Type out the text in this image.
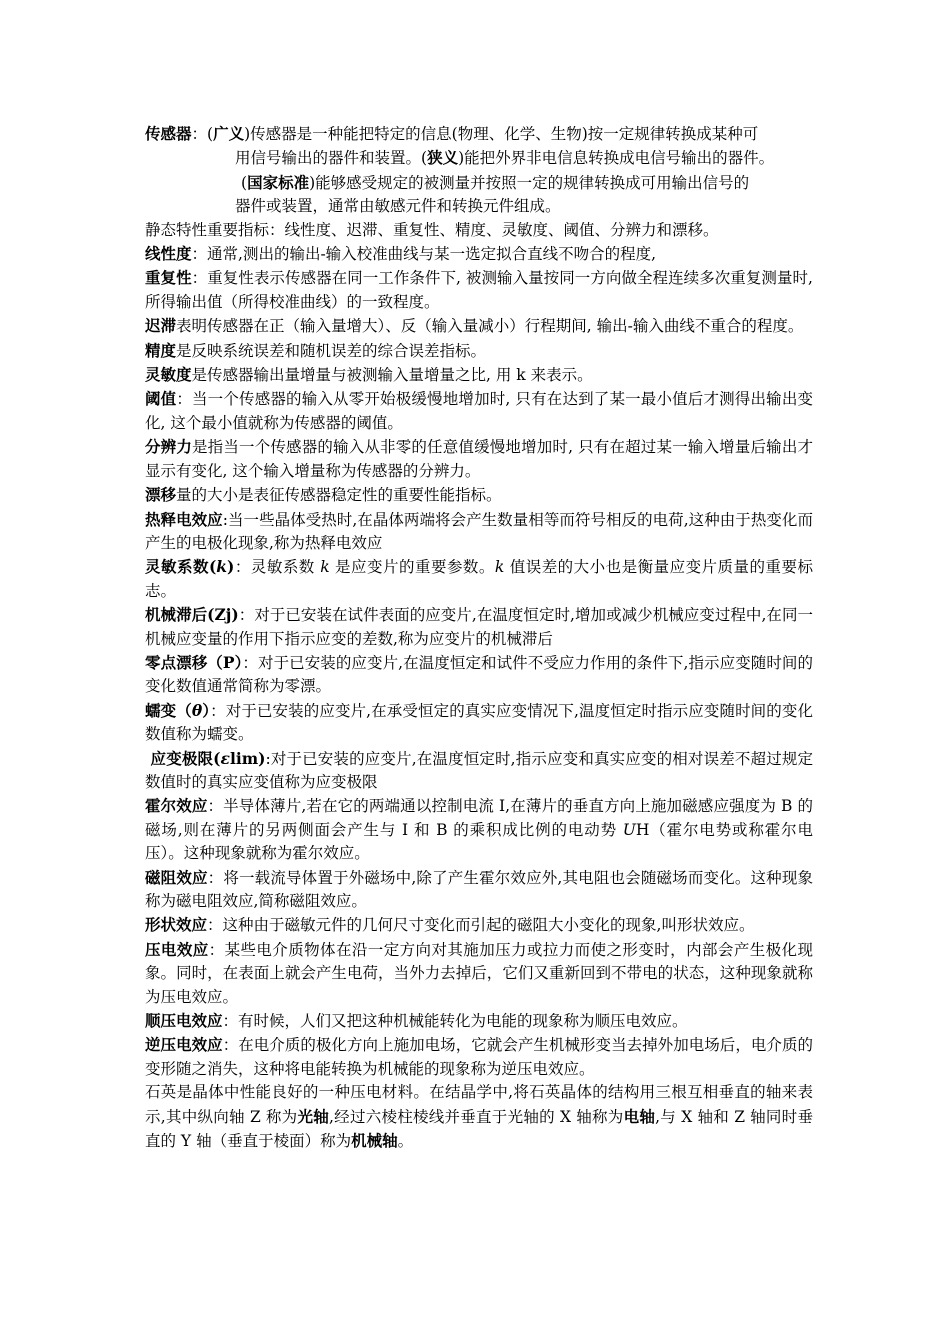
传感器：(广义)传感器是一种能把特定的信息(物理、化学、生物)按一定规律转换成某种可

用信号输出的器件和装置。(狭义)能把外界非电信息转换成电信号输出的器件。

(国家标准)能够感受规定的被测量并按照一定的规律转换成可用输出信号的

器件或装置，通常由敏感元件和转换元件组成。

静态特性重要指标：线性度、迟滞、重复性、精度、灵敏度、阈值、分辨力和漂移。

线性度：通常,测出的输出-输入校准曲线与某一选定拟合直线不吻合的程度,

重复性：重复性表示传感器在同一工作条件下, 被测输入量按同一方向做全程连续多次重复测量时, 所得输出值（所得校准曲线）的一致程度。

迟滞表明传感器在正（输入量增大）、反（输入量减小）行程期间, 输出-输入曲线不重合的程度。

精度是反映系统误差和随机误差的综合误差指标。

灵敏度是传感器输出量增量与被测输入量增量之比, 用 k 来表示。

阈值：当一个传感器的输入从零开始极缓慢地增加时, 只有在达到了某一最小值后才测得出输出变化, 这个最小值就称为传感器的阈值。

分辨力是指当一个传感器的输入从非零的任意值缓慢地增加时, 只有在超过某一输入增量后输出才显示有变化, 这个输入增量称为传感器的分辨力。

漂移量的大小是表征传感器稳定性的重要性能指标。

热释电效应:当一些晶体受热时,在晶体两端将会产生数量相等而符号相反的电荷,这种由于热变化而产生的电极化现象,称为热释电效应

灵敏系数(k)：灵敏系数 k 是应变片的重要参数。k 值误差的大小也是衡量应变片质量的重要标志。

机械滞后(Zj)：对于已安装在试件表面的应变片,在温度恒定时,增加或减少机械应变过程中,在同一机械应变量的作用下指示应变的差数,称为应变片的机械滞后

零点漂移（P）：对于已安装的应变片,在温度恒定和试件不受应力作用的条件下,指示应变随时间的变化数值通常简称为零漂。

蠕变（θ）：对于已安装的应变片,在承受恒定的真实应变情况下,温度恒定时指示应变随时间的变化数值称为蠕变。

应变极限(εlim):对于已安装的应变片,在温度恒定时,指示应变和真实应变的相对误差不超过规定数值时的真实应变值称为应变极限

霍尔效应：半导体薄片,若在它的两端通以控制电流 I,在薄片的垂直方向上施加磁感应强度为 B 的磁场,则在薄片的另两侧面会产生与 I 和 B 的乘积成比例的电动势 UH（霍尔电势或称霍尔电压）。这种现象就称为霍尔效应。

磁阻效应：将一载流导体置于外磁场中,除了产生霍尔效应外,其电阻也会随磁场而变化。这种现象称为磁电阻效应,简称磁阻效应。

形状效应：这种由于磁敏元件的几何尺寸变化而引起的磁阻大小变化的现象,叫形状效应。

压电效应：某些电介质物体在沿一定方向对其施加压力或拉力而使之形变时，内部会产生极化现象。同时，在表面上就会产生电荷，当外力去掉后，它们又重新回到不带电的状态，这种现象就称为压电效应。

顺压电效应：有时候，人们又把这种机械能转化为电能的现象称为顺压电效应。

逆压电效应：在电介质的极化方向上施加电场，它就会产生机械形变当去掉外加电场后，电介质的变形随之消失，这种将电能转换为机械能的现象称为逆压电效应。

石英是晶体中性能良好的一种压电材料。在结晶学中,将石英晶体的结构用三根互相垂直的轴来表示,其中纵向轴 Z 称为光轴,经过六棱柱棱线并垂直于光轴的 X 轴称为电轴,与 X 轴和 Z 轴同时垂直的 Y 轴（垂直于棱面）称为机械轴。
